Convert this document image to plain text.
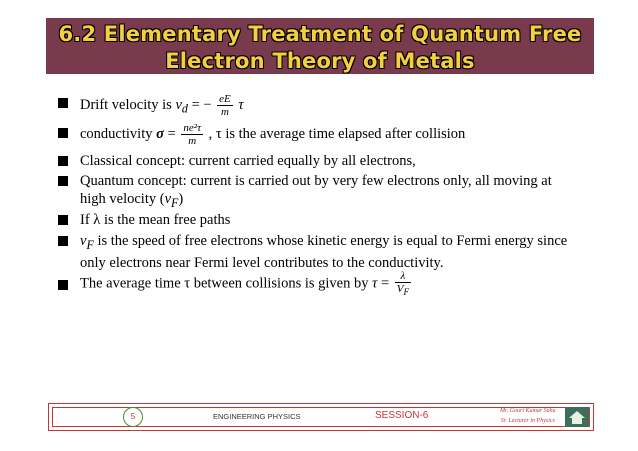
6.2 Elementary Treatment of Quantum Free
Electron Theory of Metals
Drift velocity is $v_d$ = − $\frac{eE}{m}$ τ
conductivity $\sigma = \frac{\text{ne²τ}}{m}$ , τ is the average time elapsed after collision
Classical concept: current carried equally by all electrons,
Quantum concept: current is carried out by very few electrons only, all moving at high velocity $(v_F)$
If λ is the mean free paths
$v_F$ is the speed of free electrons whose kinetic energy is equal to Fermi energy since only electrons near Fermi level contributes to the conductivity.
The average time τ between collisions is given by $\tau = \frac{\lambda}{V_F}$
5	ENGINEERING PHYSICS	SESSION-6	Mr. Gouri Kumar Sahu
Sr. Lecturer in Physics
